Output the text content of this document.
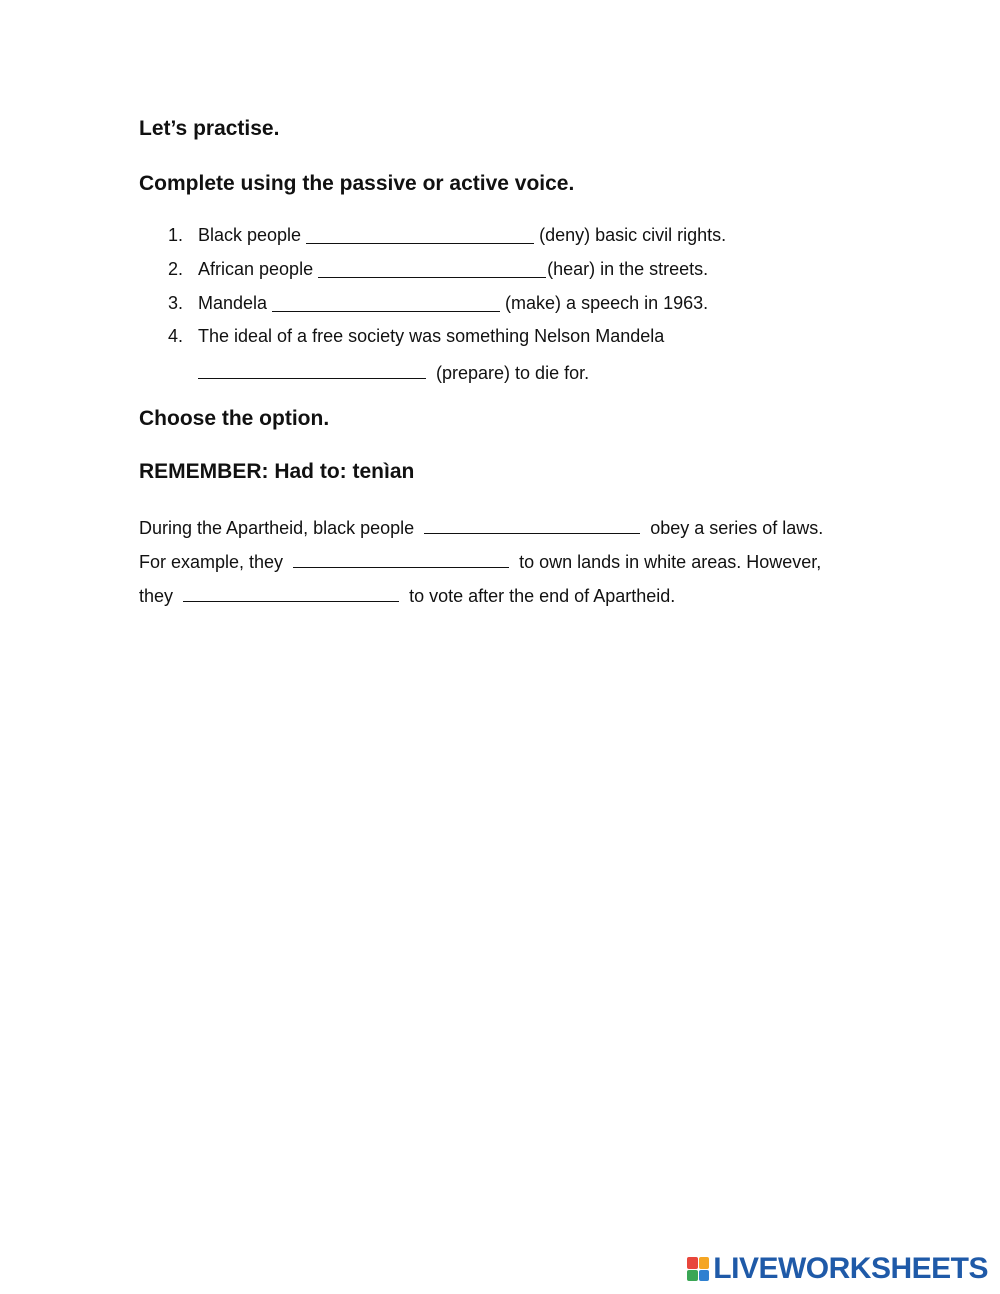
Let’s practise.
Complete using the passive or active voice.
1. Black people	(deny) basic civil rights.
2. African people	(hear) in the streets.
3. Mandela	(make) a speech in 1963.
4. The ideal of a free society was something Nelson Mandela
(prepare) to die for.
Choose the option.
REMEMBER: Had to: tenìan
During the Apartheid, black people	obey a series of laws.
For example, they	to own lands in white areas. However,
they	to vote after the end of Apartheid.
LIVEWORKSHEETS
